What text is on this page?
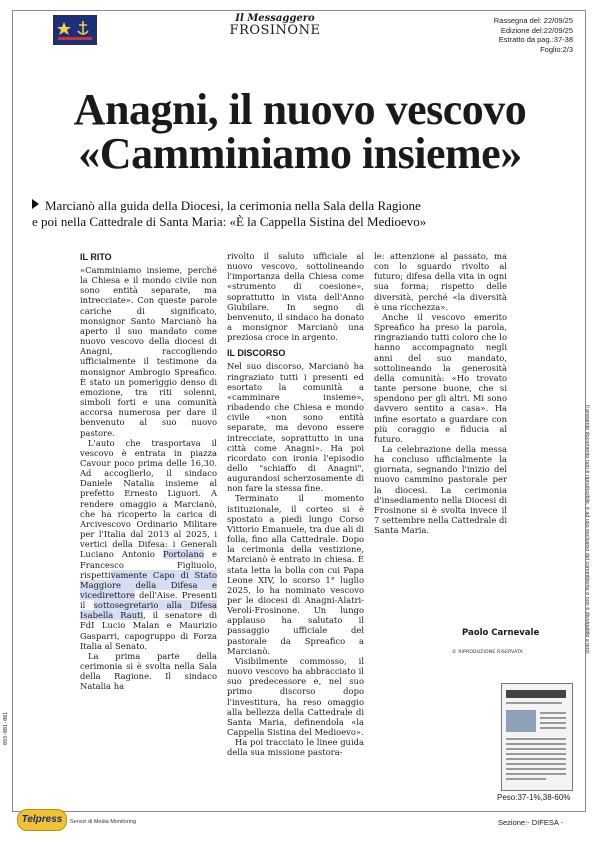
Il Messaggero
FROSINONE
Rassegna del: 22/09/25
Edizione del:22/09/25
Estratto da pag.:37-38
Foglio:2/3
Anagni, il nuovo vescovo
«Camminiamo insieme»
Marcianò alla guida della Diocesi, la cerimonia nella Sala della Ragione
e poi nella Cattedrale di Santa Maria: «È la Cappella Sistina del Medioevo»
IL RITO

«Camminiamo insieme, perché la Chiesa e il mondo civile non sono entità separate, ma intrecciate». Con queste parole cariche di significato, monsignor Santo Marcianò ha aperto il suo mandato come nuovo vescovo della diocesi di Anagni, raccogliendo ufficialmente il testimone da monsignor Ambrogio Spreafico. È stato un pomeriggio denso di emozione, tra riti solenni, simboli forti e una comunità accorsa numerosa per dare il benvenuto al suo nuovo pastore.

L'auto che trasportava il vescovo è entrata in piazza Cavour poco prima delle 16,30. Ad accoglierlo, il sindaco Daniele Natalia insieme al prefetto Ernesto Liguori. A rendere omaggio a Marcianò, che ha ricoperto la carica di Arcivescovo Ordinario Militare per l'Italia dal 2013 al 2025, i vertici della Difesa: i Generali Luciano Antonio Portolano e Francesco Figliuolo, rispettivamente Capo di Stato Maggiore della Difesa e vicedirettore dell'Aise. Presenti il sottosegretario alla Difesa Isabella Rauti, il senatore di FdI Lucio Malan e Maurizio Gasparri, capogruppo di Forza Italia al Senato.

La prima parte della cerimonia si è svolta nella Sala della Ragione. Il sindaco Natalia ha

rivolto il saluto ufficiale al nuovo vescovo, sottolineando l'importanza della Chiesa come «strumento di coesione», soprattutto in vista dell'Anno Giubilare. In segno di benvenuto, il sindaco ha donato a monsignor Marcianò una preziosa croce in argento.

IL DISCORSO

Nel suo discorso, Marcianò ha ringraziato tutti i presenti ed esortato la comunità a «camminare insieme», ribadendo che Chiesa e mondo civile «non sono entità separate, ma devono essere intrecciate, soprattutto in una città come Anagni». Ha poi ricordato con ironia l'episodio dello "schiaffo di Anagni", augurandosi scherzosamente di non fare la stessa fine.

Terminato il momento istituzionale, il corteo si è spostato a piedi lungo Corso Vittorio Emanuele, tra due ali di folla, fino alla Cattedrale. Dopo la cerimonia della vestizione, Marcianò è entrato in chiesa. È stata letta la bolla con cui Papa Leone XIV, lo scorso 1° luglio 2025, lo ha nominato vescovo per le diocesi di Anagni-Alatri-Veroli-Frosinone. Un lungo applauso ha salutato il passaggio ufficiale del pastorale da Spreafico a Marcianò.

Visibilmente commosso, il nuovo vescovo ha abbracciato il suo predecessore e, nel suo primo discorso dopo l'investitura, ha reso omaggio alla bellezza della Cattedrale di Santa Maria, definendola «la Cappella Sistina del Medioevo».

Ha poi tracciato le linee guida della sua missione pastora-

le: attenzione al passato, ma con lo sguardo rivolto al futuro; difesa della vita in ogni sua forma; rispetto delle diversità, perché «la diversità è una ricchezza».

Anche il vescovo emerito Spreafico ha preso la parola, ringraziando tutti coloro che lo hanno accompagnato negli anni del suo mandato, sottolineando la generosità della comunità: «Ho trovato tante persone buone, che si spendono per gli altri. Mi sono davvero sentito a casa». Ha infine esortato a guardare con più coraggio e fiducia al futuro.

La celebrazione della messa ha concluso ufficialmente la giornata, segnando l'inizio del nuovo cammino pastorale per la diocesi. La cerimonia d'insediamento nella Diocesi di Frosinone si è svolta invece il 7 settembre nella Cattedrale di Santa Maria.

Paolo Carnevale
© RIPRODUZIONE RISERVATA
Peso:37-1%,38-60%
093-001-001
Il presente documento non è riproducibile, è ad uso esclusivo del committente e non è divulgabile a terzi.
Telpress	Servizi di Media Monitoring	Sezione:- DIFESA -
